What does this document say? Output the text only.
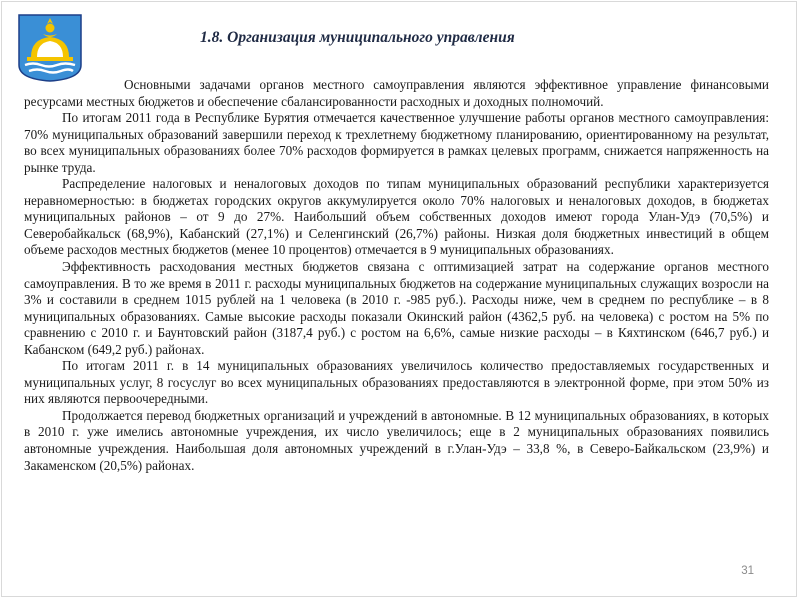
1.8. Организация муниципального управления

Основными задачами органов местного самоуправления являются эффективное управление финансовыми ресурсами местных бюджетов и обеспечение сбалансированности расходных и доходных полномочий.

По итогам 2011 года в Республике Бурятия отмечается качественное улучшение работы органов местного самоуправления: 70% муниципальных образований завершили переход к трехлетнему бюджетному планированию, ориентированному на результат, во всех муниципальных образованиях более 70% расходов формируется в рамках целевых программ, снижается напряженность на рынке труда.

Распределение налоговых и неналоговых доходов по типам муниципальных образований республики характеризуется неравномерностью: в бюджетах городских округов аккумулируется около 70% налоговых и неналоговых доходов, в бюджетах муниципальных районов – от 9 до 27%. Наибольший объем собственных доходов имеют города Улан-Удэ (70,5%) и Северобайкальск (68,9%), Кабанский (27,1%) и Селенгинский (26,7%) районы. Низкая доля бюджетных инвестиций в общем объеме расходов местных бюджетов (менее 10 процентов) отмечается в 9 муниципальных образованиях.

Эффективность расходования местных бюджетов связана с оптимизацией затрат на содержание органов местного самоуправления. В то же время в 2011 г. расходы муниципальных бюджетов на содержание муниципальных служащих возросли на 3% и составили в среднем 1015 рублей на 1 человека (в 2010 г. -985 руб.). Расходы ниже, чем в среднем по республике – в 8 муниципальных образованиях. Самые высокие расходы показали Окинский район (4362,5 руб. на человека) с ростом на 5% по сравнению с 2010 г. и Баунтовский район (3187,4 руб.) с ростом на 6,6%, самые низкие расходы – в Кяхтинском (646,7 руб.) и Кабанском (649,2 руб.) районах.

По итогам 2011 г. в 14 муниципальных образованиях увеличилось количество предоставляемых государственных и муниципальных услуг, 8 госуслуг во всех муниципальных образованиях предоставляются в электронной форме, при этом 50% из них являются первоочередными.

Продолжается перевод бюджетных организаций и учреждений в автономные. В 12 муниципальных образованиях, в которых в 2010 г. уже имелись автономные учреждения, их число увеличилось; еще в 2 муниципальных образованиях появились автономные учреждения. Наибольшая доля автономных учреждений в г.Улан-Удэ – 33,8 %, в Северо-Байкальском (23,9%) и Закаменском (20,5%) районах.

31
